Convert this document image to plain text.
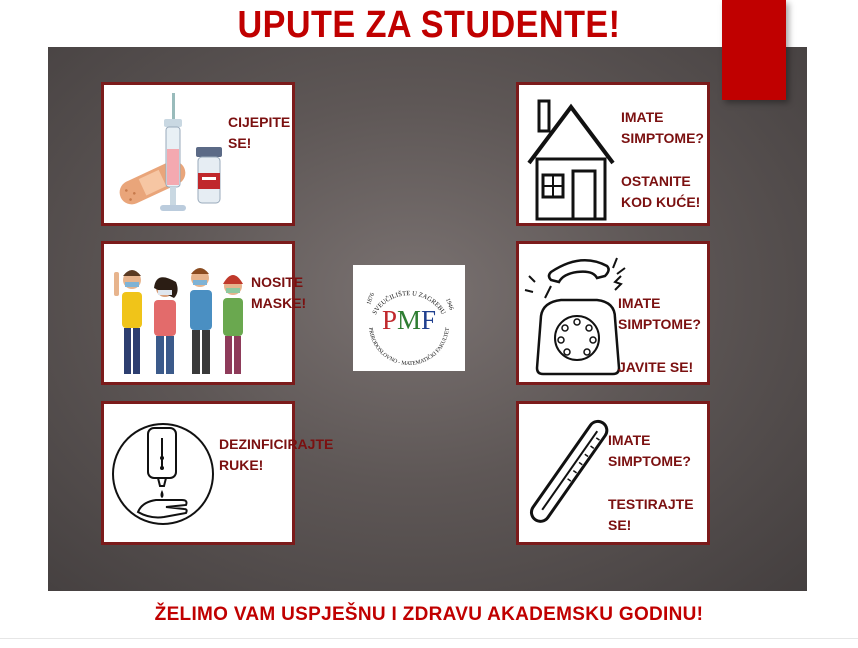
UPUTE ZA STUDENTE!
CIJEPITE
SE!
NOSITE
MASKE!
DEZINFICIRAJTE
RUKE!
SVEUČILIŠTE U ZAGREBU
PRIRODOSLOVNO - MATEMATIČKI FAKULTET
1876	1946
PMF
IMATE
SIMPTOME?
OSTANITE
KOD KUĆE!
IMATE
SIMPTOME?
JAVITE SE!
IMATE
SIMPTOME?
TESTIRAJTE
SE!
ŽELIMO VAM USPJEŠNU I ZDRAVU AKADEMSKU GODINU!
